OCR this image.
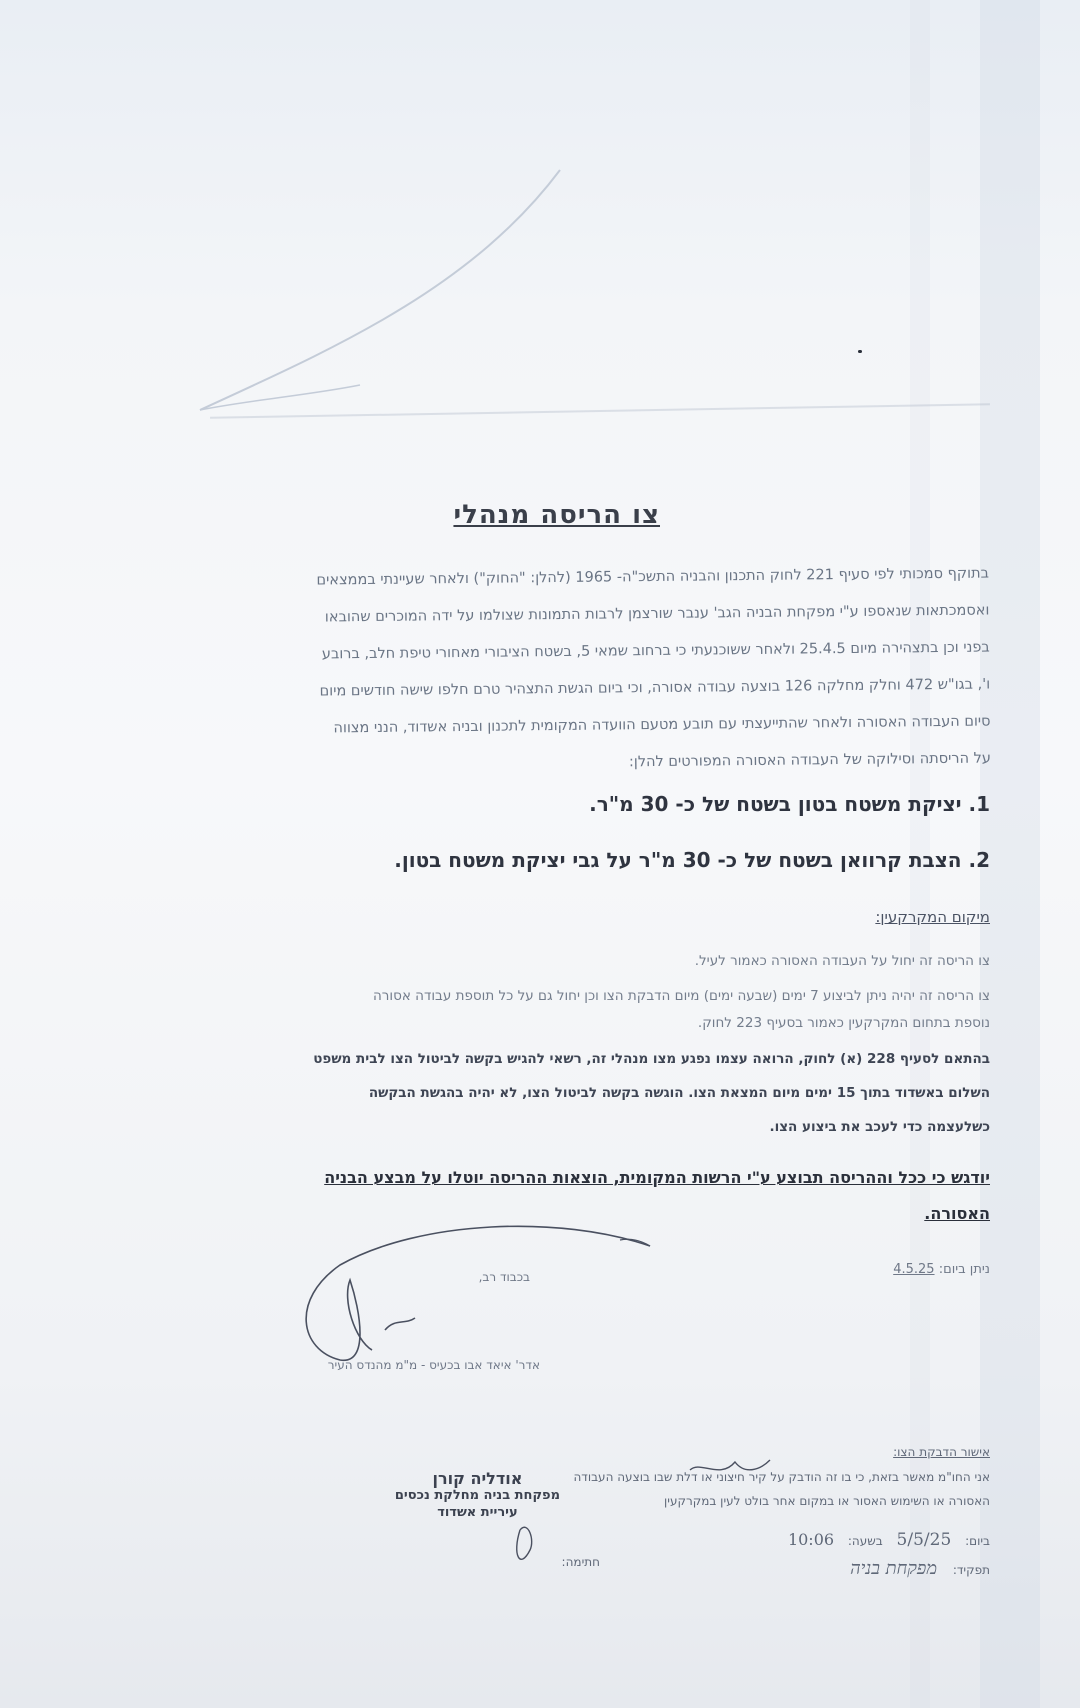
צו הריסה מנהלי
בתוקף סמכותי לפי סעיף 221 לחוק התכנון והבניה התשכ"ה- 1965 (להלן: "החוק") ולאחר שעיינתי בממצאים
ואסמכתאות שנאספו ע"י מפקחת הבניה הגב' ענבר שורצמן לרבות התמונות שצולמו על ידה המוכרים שהובאו
בפני וכן בתצהירה מיום 25.4.5 ולאחר ששוכנעתי כי ברחוב שמאי 5, בשטח הציבורי מאחורי טיפת חלב, ברובע
ו', בגו"ש 472 וחלק מחלקה 126 בוצעה עבודה אסורה, וכי ביום הגשת התצהיר טרם חלפו שישה חודשים מיום
סיום העבודה האסורה ולאחר שהתייעצתי עם תובע מטעם הוועדה המקומית לתכנון ובניה אשדוד, הנני מצווה
על הריסתה וסילוקה של העבודה האסורה המפורטים להלן:
1. יציקת משטח בטון בשטח של כ- 30 מ"ר.
2. הצבת קרוואן בשטח של כ- 30 מ"ר על גבי יציקת משטח בטון.
מיקום המקרקעין:
צו הריסה זה יחול על העבודה האסורה כאמור לעיל.
צו הריסה זה יהיה ניתן לביצוע 7 ימים (שבעה ימים) מיום הדבקת הצו וכן יחול גם על כל תוספת עבודה אסורה
נוספת בתחום המקרקעין כאמור בסעיף 223 לחוק.
בהתאם לסעיף 228 (א) לחוק, הרואה עצמו נפגע מצו מנהלי זה, רשאי להגיש בקשה לביטול הצו לבית משפט
השלום באשדוד בתוך 15 ימים מיום המצאת הצו. הוגשה בקשה לביטול הצו, לא יהיה בהגשת הבקשה
כשלעצמה כדי לעכב את ביצוע הצו.
יודגש כי ככל וההריסה תבוצע ע"י הרשות המקומית, הוצאות ההריסה יוטלו על מבצע הבניה
האסורה.
ניתן ביום: 4.5.25
בכבוד רב,
אדר' איאד אבו בכעיס - מ"מ מהנדס העיר
אישור הדבקת הצו:
אני החו"מ מאשר בזאת, כי בו זה הודבק על קיר חיצוני או דלת שבו בוצעה העבודה
האסורה או השימוש האסור או במקום אחר בולט לעין במקרקעין
ביום: 5/5/25 בשעה: 10:06
חתימה:
תפקיד: מפקחת בניה
אודליה קורן
מפקחת בניה מחלקת נכסים
עיריית אשדוד
